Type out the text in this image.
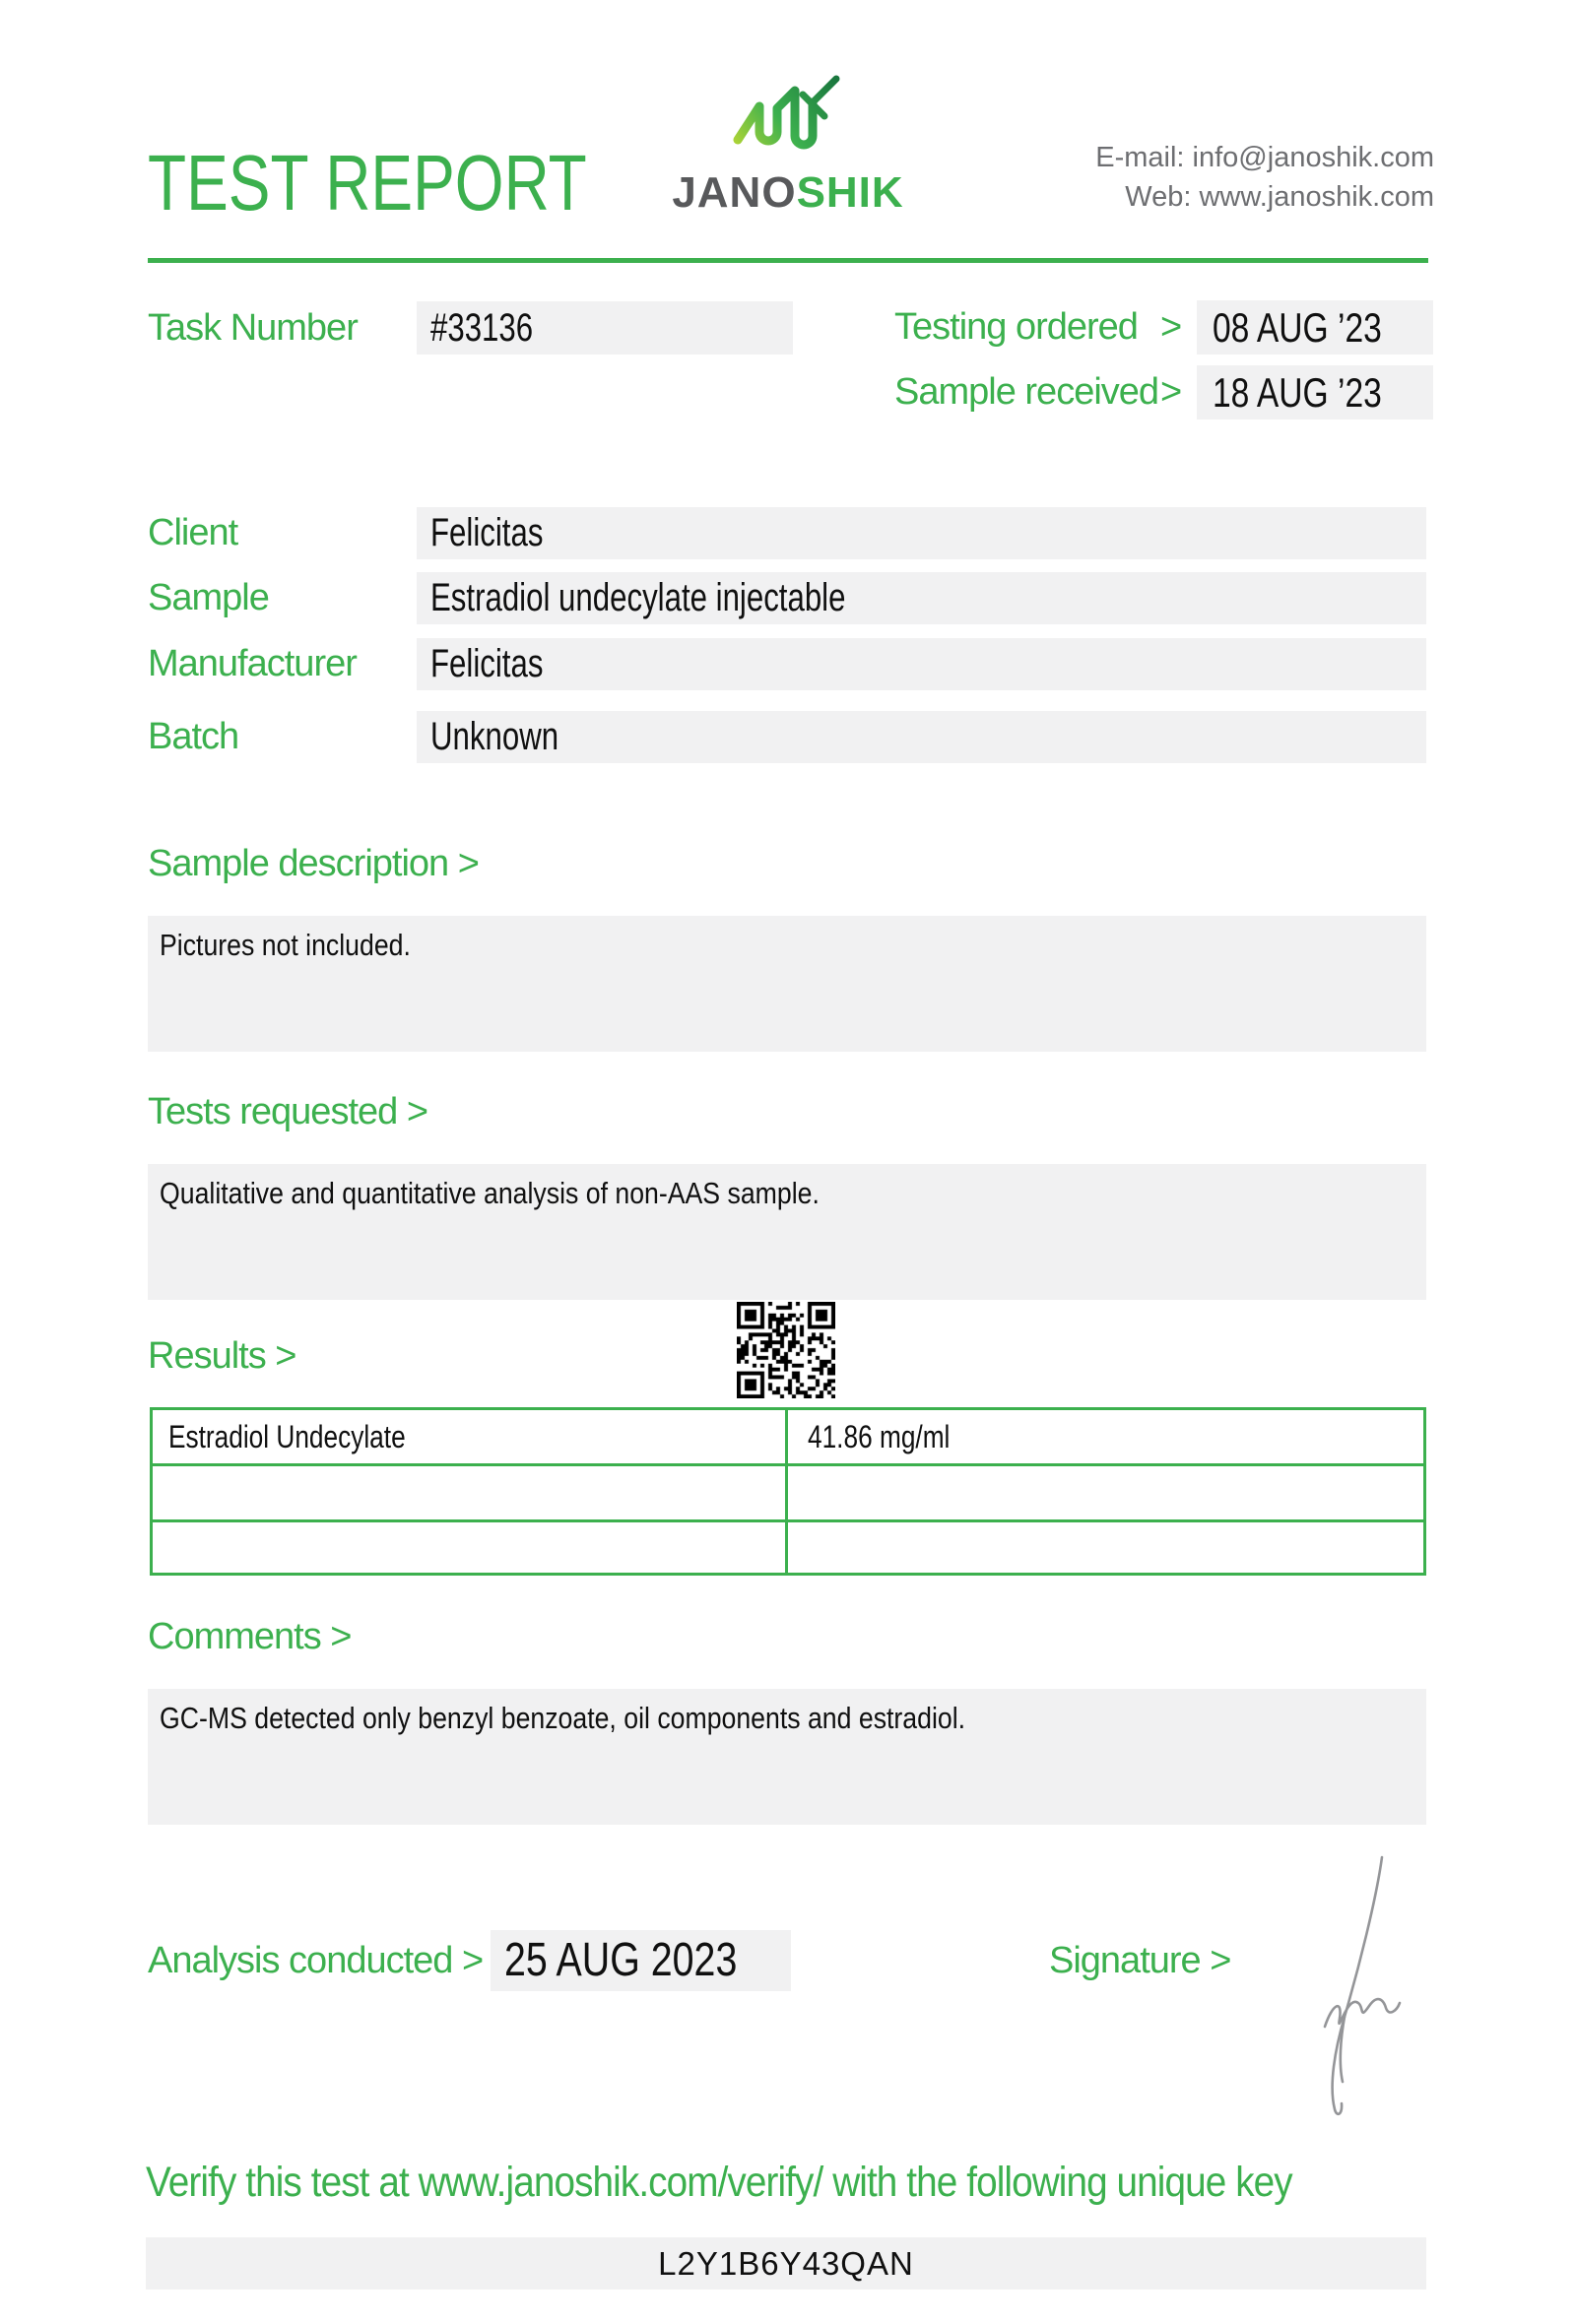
TEST REPORT JANOSHIK
E-mail: info@janoshik.com
Web: www.janoshik.com
Task Number	#33136	Testing ordered > 08 AUG ’23
Sample received > 18 AUG ’23
Client	Felicitas
Sample	Estradiol undecylate injectable
Manufacturer	Felicitas
Batch	Unknown
Sample description >
Pictures not included.
Tests requested >
Qualitative and quantitative analysis of non-AAS sample.
Results >
Estradiol Undecylate	41.86 mg/ml
Comments >
GC-MS detected only benzyl benzoate, oil components and estradiol.
Analysis conducted > 25 AUG 2023	Signature >
Verify this test at www.janoshik.com/verify/ with the following unique key
L2Y1B6Y43QAN
